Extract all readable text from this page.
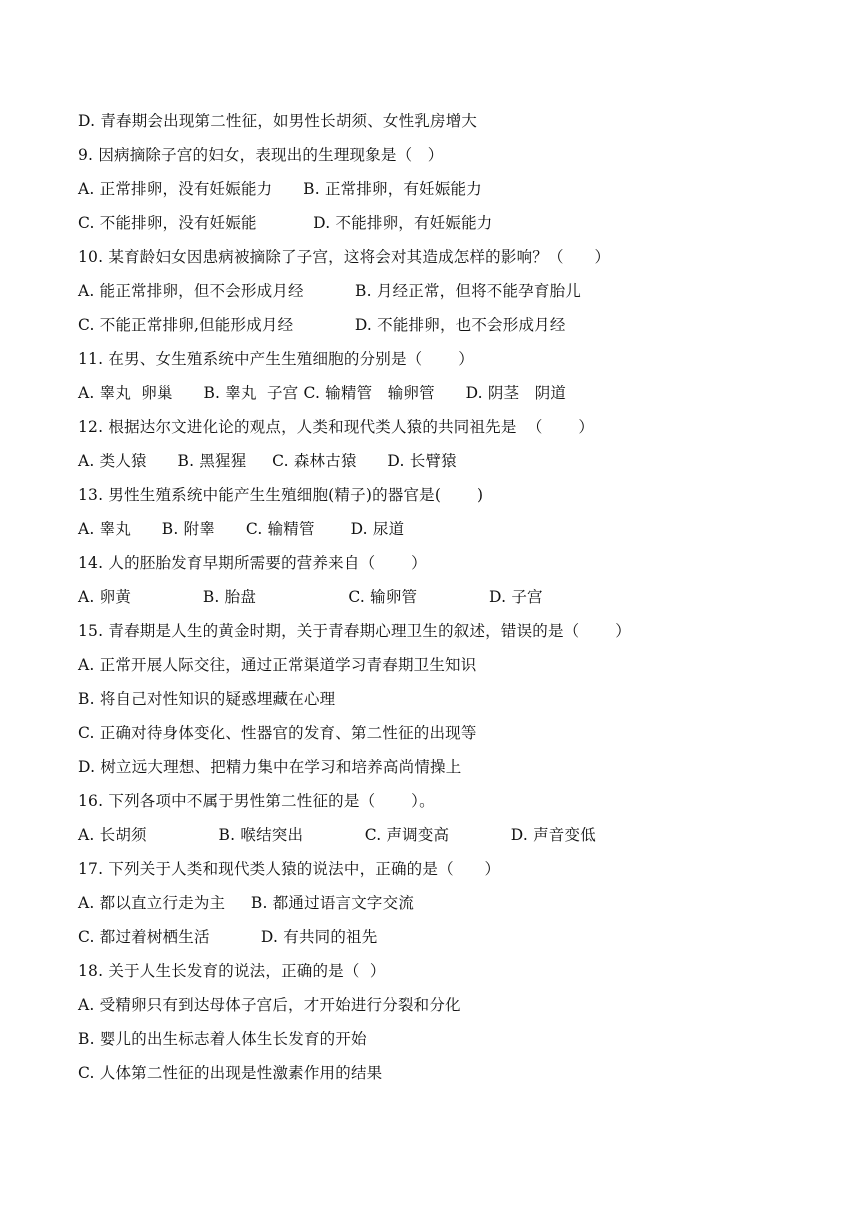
D. 青春期会出现第二性征，如男性长胡须、女性乳房增大
9. 因病摘除子宫的妇女，表现出的生理现象是（   ）
A. 正常排卵，没有妊娠能力      B. 正常排卵，有妊娠能力
C. 不能排卵，没有妊娠能           D. 不能排卵，有妊娠能力
10. 某育龄妇女因患病被摘除了子宫，这将会对其造成怎样的影响？（      ）
A. 能正常排卵，但不会形成月经          B. 月经正常，但将不能孕育胎儿
C. 不能正常排卵,但能形成月经            D. 不能排卵，也不会形成月经
11. 在男、女生殖系统中产生生殖细胞的分别是（       ）
A. 睾丸  卵巢      B. 睾丸  子宫 C. 输精管   输卵管      D. 阴茎   阴道
12. 根据达尔文进化论的观点，人类和现代类人猿的共同祖先是  （       ）
A. 类人猿      B. 黑猩猩     C. 森林古猿      D. 长臂猿
13. 男性生殖系统中能产生生殖细胞(精子)的器官是(       )
A. 睾丸      B. 附睾      C. 输精管       D. 尿道
14. 人的胚胎发育早期所需要的营养来自（       ）
A. 卵黄              B. 胎盘                  C. 输卵管              D. 子宫
15. 青春期是人生的黄金时期，关于青春期心理卫生的叙述，错误的是（       ）
A. 正常开展人际交往，通过正常渠道学习青春期卫生知识
B. 将自己对性知识的疑惑埋藏在心理
C. 正确对待身体变化、性器官的发育、第二性征的出现等
D. 树立远大理想、把精力集中在学习和培养高尚情操上
16. 下列各项中不属于男性第二性征的是（       ）。
A. 长胡须              B. 喉结突出            C. 声调变高            D. 声音变低
17. 下列关于人类和现代类人猿的说法中，正确的是（      ）
A. 都以直立行走为主     B. 都通过语言文字交流
C. 都过着树栖生活          D. 有共同的祖先
18. 关于人生长发育的说法，正确的是（  ）
A. 受精卵只有到达母体子宫后，才开始进行分裂和分化
B. 婴儿的出生标志着人体生长发育的开始
C. 人体第二性征的出现是性激素作用的结果
